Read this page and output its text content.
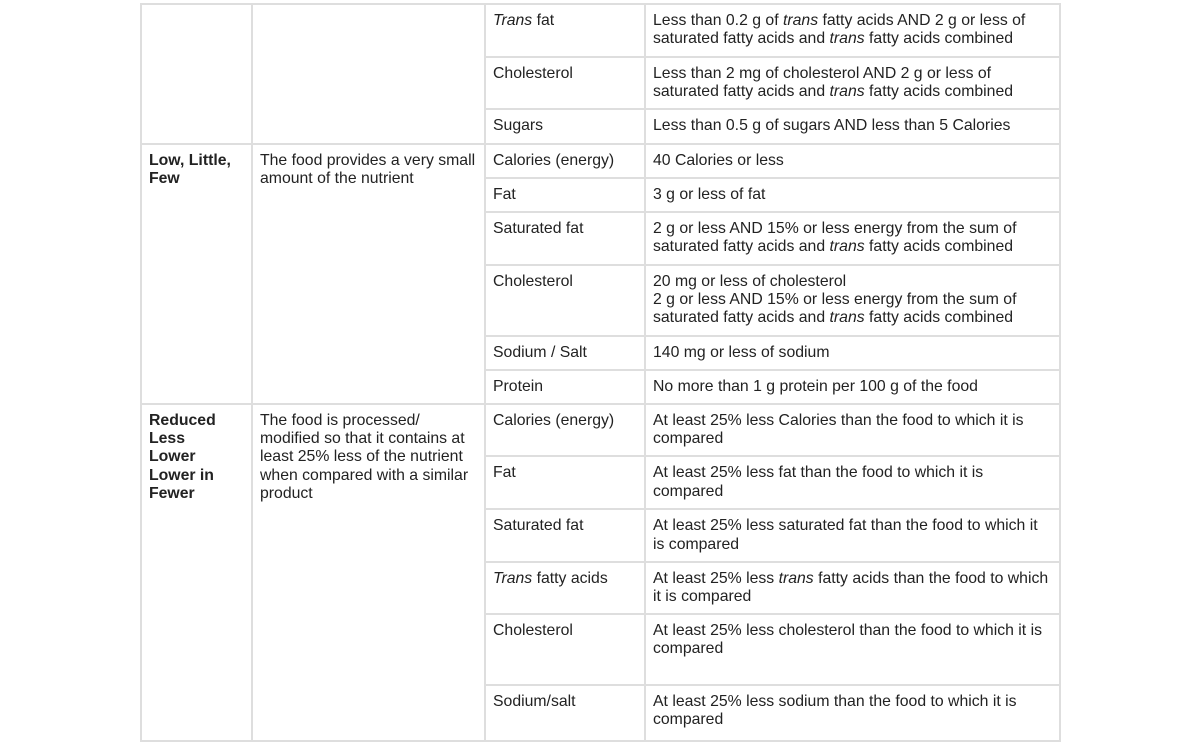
		Trans fat	Less than 0.2 g of trans fatty acids AND 2 g or less of saturated fatty acids and trans fatty acids combined
		Cholesterol	Less than 2 mg of cholesterol AND 2 g or less of saturated fatty acids and trans fatty acids combined
		Sugars	Less than 0.5 g of sugars AND less than 5 Calories

Low, Little,
Few	The food provides a very small amount of the nutrient	Calories (energy)	40 Calories or less
		Fat	3 g or less of fat
		Saturated fat	2 g or less AND 15% or less energy from the sum of saturated fatty acids and trans fatty acids combined
		Cholesterol	20 mg or less of cholesterol
2 g or less AND 15% or less energy from the sum of saturated fatty acids and trans fatty acids combined
		Sodium / Salt	140 mg or less of sodium
		Protein	No more than 1 g protein per 100 g of the food

Reduced
Less
Lower
Lower in
Fewer	The food is processed/ modified so that it contains at least 25% less of the nutrient when compared with a similar product	Calories (energy)	At least 25% less Calories than the food to which it is compared
		Fat	At least 25% less fat than the food to which it is compared
		Saturated fat	At least 25% less saturated fat than the food to which it is compared
		Trans fatty acids	At least 25% less trans fatty acids than the food to which it is compared
		Cholesterol	At least 25% less cholesterol than the food to which it is compared
		Sodium/salt	At least 25% less sodium than the food to which it is compared
